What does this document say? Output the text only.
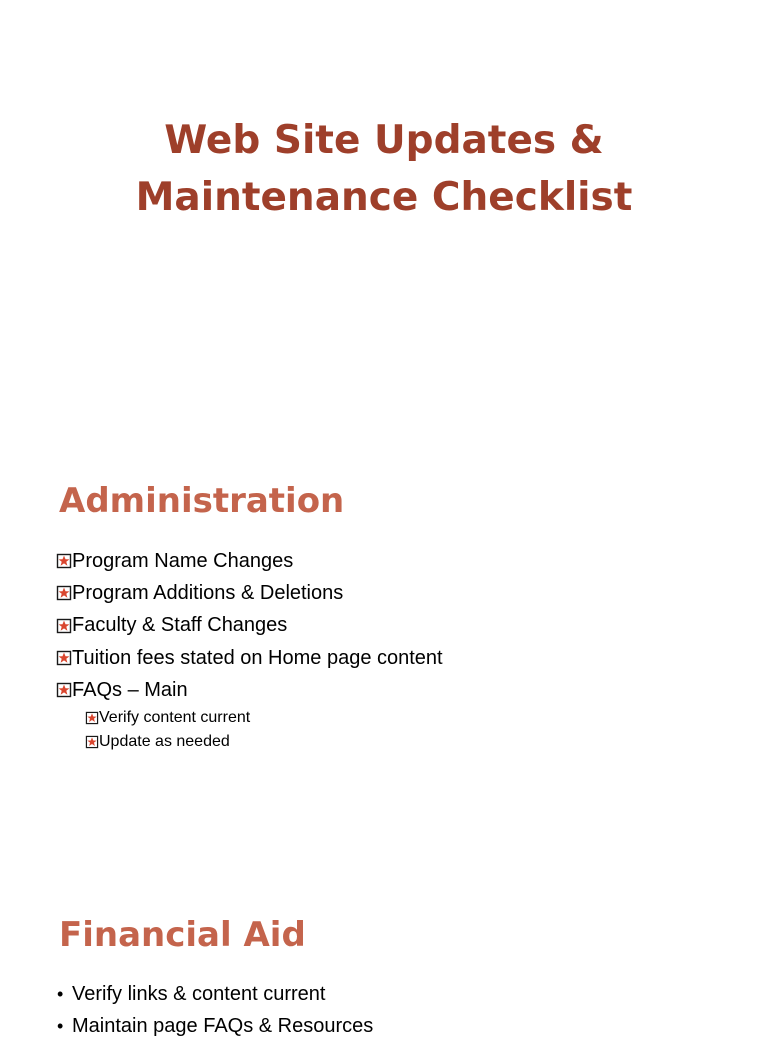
Web Site Updates &
Maintenance Checklist
Administration
Program Name Changes
Program Additions & Deletions
Faculty & Staff Changes
Tuition fees stated on Home page content
FAQs – Main
Verify content current
Update as needed
Financial Aid
• Verify links & content current
• Maintain page FAQs & Resources
